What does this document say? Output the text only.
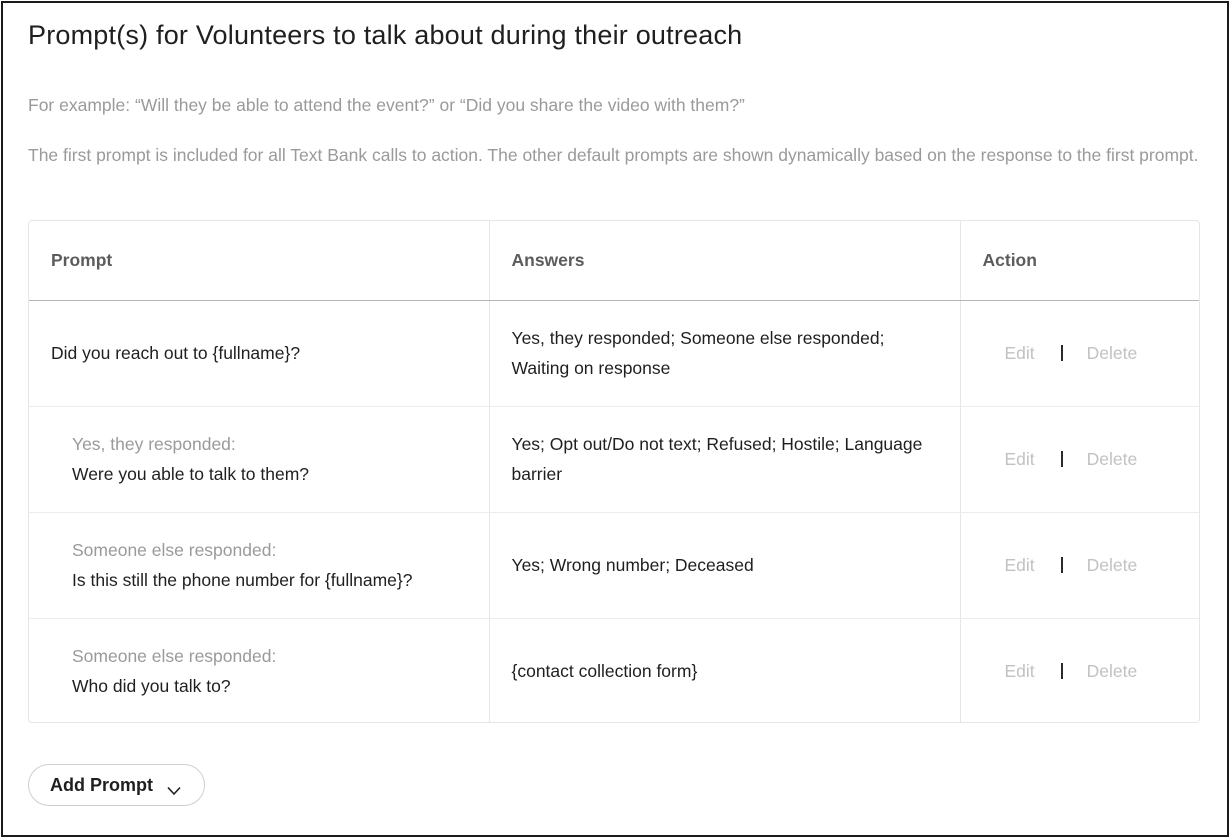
Prompt(s) for Volunteers to talk about during their outreach
For example: “Will they be able to attend the event?” or “Did you share the video with them?”
The first prompt is included for all Text Bank calls to action. The other default prompts are shown dynamically based on the response to the first prompt.
Prompt	Answers	Action

Did you reach out to {fullname}?	Yes, they responded; Someone else responded; Waiting on response	Edit Delete

Yes, they responded:
Were you able to talk to them?	Yes; Opt out/Do not text; Refused; Hostile; Language barrier	Edit Delete

Someone else responded:
Is this still the phone number for {fullname}?	Yes; Wrong number; Deceased	Edit Delete

Someone else responded:
Who did you talk to?	{contact collection form}	Edit Delete
Add Prompt
